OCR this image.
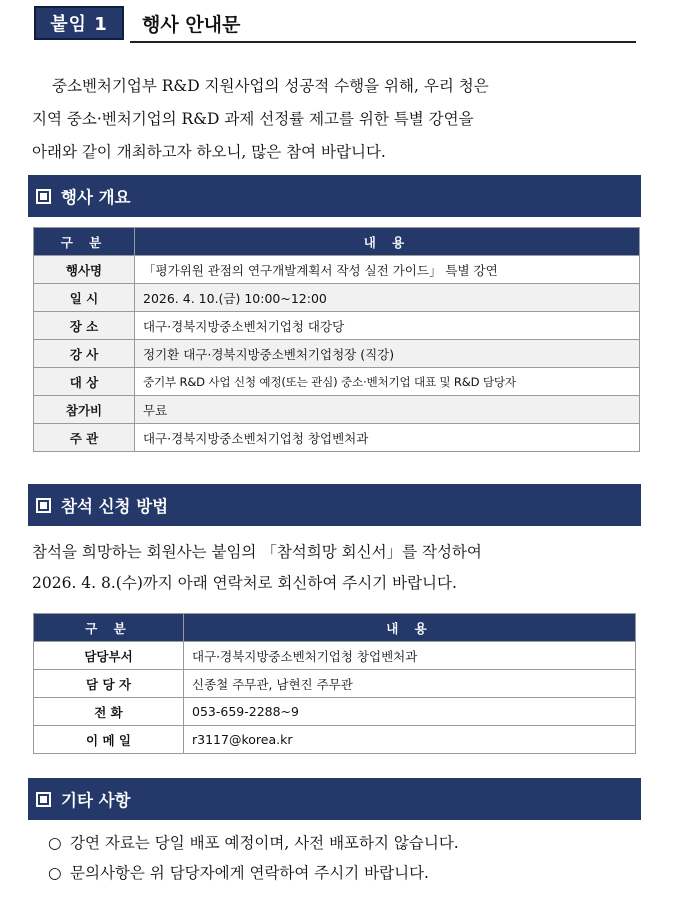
붙임 1	행사 안내문
중소벤처기업부 R&D 지원사업의 성공적 수행을 위해, 우리 청은
지역 중소·벤처기업의 R&D 과제 선정률 제고를 위한 특별 강연을
아래와 같이 개최하고자 하오니, 많은 참여 바랍니다.
행사 개요
구 분	내 용
행사명	「평가위원 관점의 연구개발계획서 작성 실전 가이드」 특별 강연
일 시	2026. 4. 10.(금) 10:00~12:00
장 소	대구·경북지방중소벤처기업청 대강당
강 사	정기환 대구·경북지방중소벤처기업청장 (직강)
대 상	중기부 R&D 사업 신청 예정(또는 관심) 중소·벤처기업 대표 및 R&D 담당자
참가비	무료
주 관	대구·경북지방중소벤처기업청 창업벤처과
참석 신청 방법
참석을 희망하는 회원사는 붙임의 「참석희망 회신서」를 작성하여
2026. 4. 8.(수)까지 아래 연락처로 회신하여 주시기 바랍니다.
구 분	내 용
담당부서	대구·경북지방중소벤처기업청 창업벤처과
담 당 자	신종철 주무관, 남현진 주무관
전 화	053-659-2288~9
이 메 일	r3117@korea.kr
기타 사항
○ 강연 자료는 당일 배포 예정이며, 사전 배포하지 않습니다.
○ 문의사항은 위 담당자에게 연락하여 주시기 바랍니다.
